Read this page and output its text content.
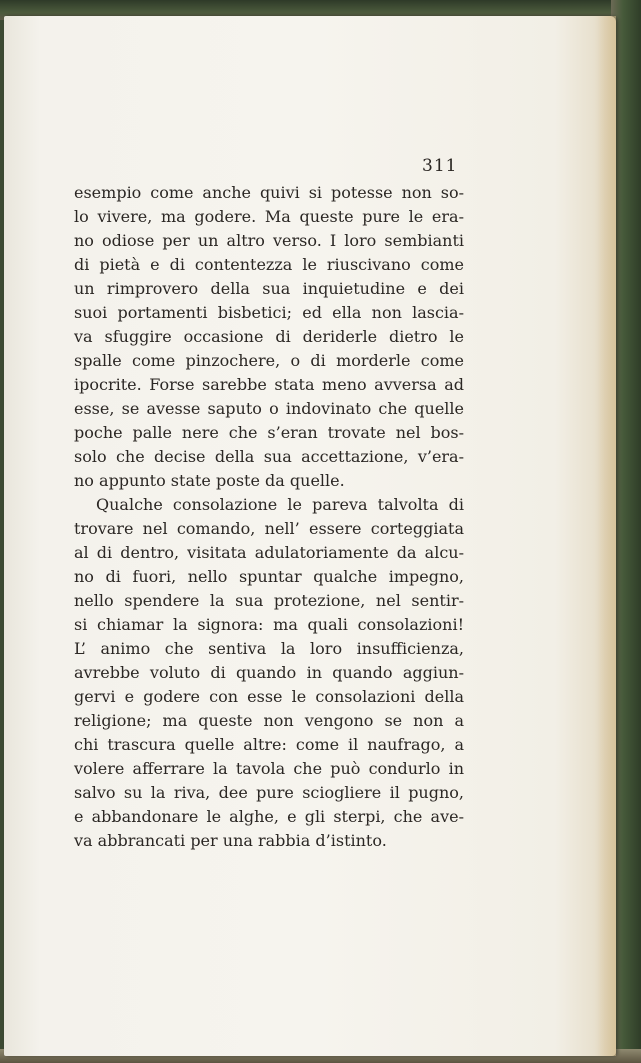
311
esempio come anche quivi si potesse non so-
lo vivere, ma godere. Ma queste pure le era-
no odiose per un altro verso. I loro sembianti
di pietà e di contentezza le riuscivano come
un rimprovero della sua inquietudine e dei
suoi portamenti bisbetici; ed ella non lascia-
va sfuggire occasione di deriderle dietro le
spalle come pinzochere, o di morderle come
ipocrite. Forse sarebbe stata meno avversa ad
esse, se avesse saputo o indovinato che quelle
poche palle nere che s’eran trovate nel bos-
solo che decise della sua accettazione, v’era-
no appunto state poste da quelle.
Qualche consolazione le pareva talvolta di
trovare nel comando, nell’ essere corteggiata
al di dentro, visitata adulatoriamente da alcu-
no di fuori, nello spuntar qualche impegno,
nello spendere la sua protezione, nel sentir-
si chiamar la signora: ma quali consolazioni!
L’ animo che sentiva la loro insufficienza,
avrebbe voluto di quando in quando aggiun-
gervi e godere con esse le consolazioni della
religione; ma queste non vengono se non a
chi trascura quelle altre: come il naufrago, a
volere afferrare la tavola che può condurlo in
salvo su la riva, dee pure sciogliere il pugno,
e abbandonare le alghe, e gli sterpi, che ave-
va abbrancati per una rabbia d’istinto.
